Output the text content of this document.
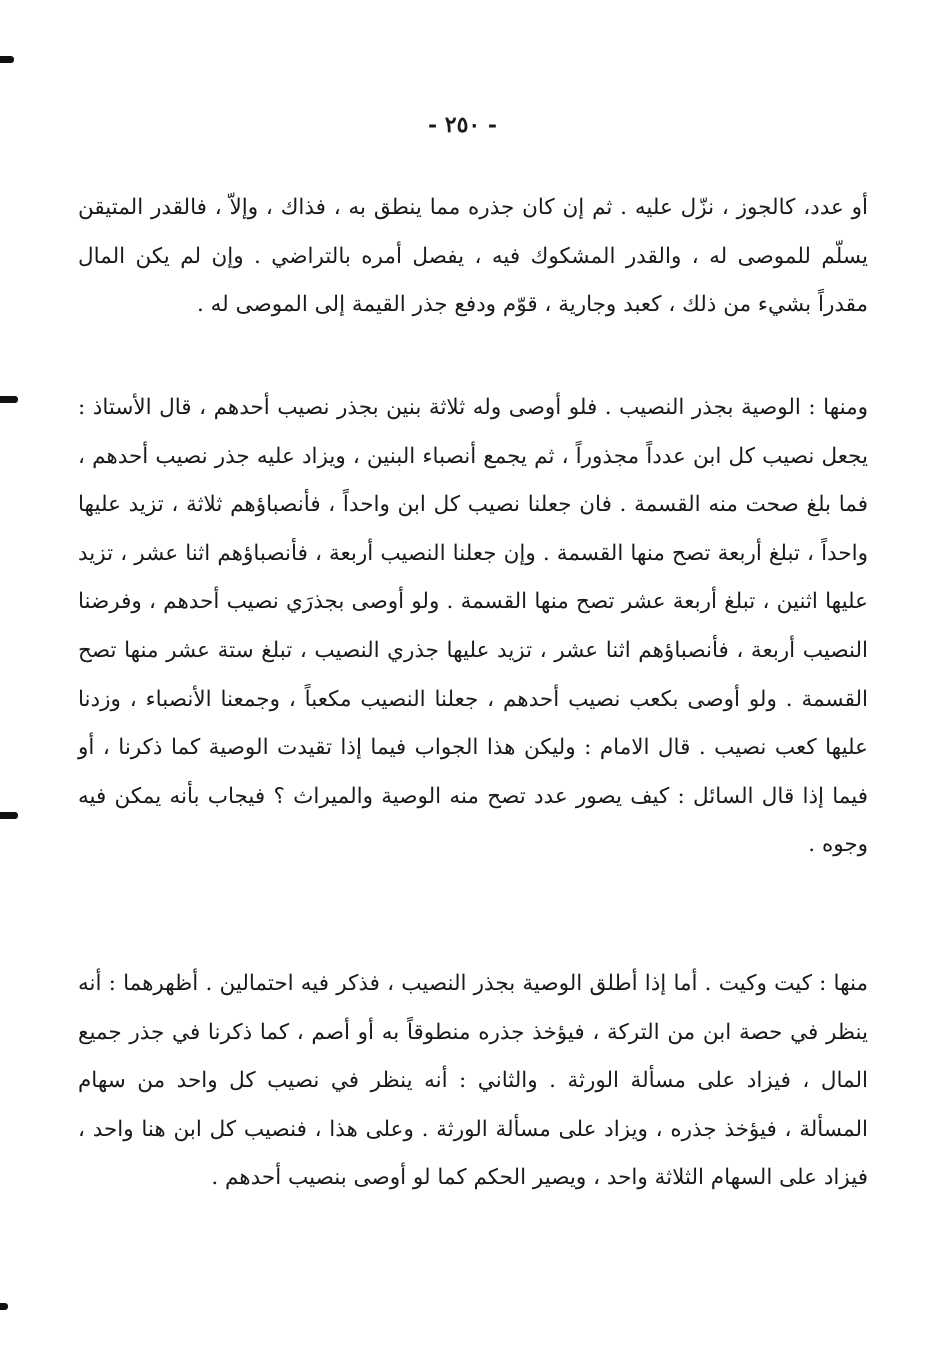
- ٢٥٠ -

أو عدد، كالجوز ، نزّل عليه . ثم إن كان جذره مما ينطق به ، فذاك ، وإلاّ ، فالقدر المتيقن يسلّم للموصى له ، والقدر المشكوك فيه ، يفصل أمره بالتراضي . وإن لم يكن المال مقدراً بشيء من ذلك ، كعبد وجارية ، قوّم ودفع جذر القيمة إلى الموصى له .

ومنها : الوصية بجذر النصيب . فلو أوصى وله ثلاثة بنين بجذر نصيب أحدهم ، قال الأستاذ : يجعل نصيب كل ابن عدداً مجذوراً ، ثم يجمع أنصباء البنين ، ويزاد عليه جذر نصيب أحدهم ، فما بلغ صحت منه القسمة . فان جعلنا نصيب كل ابن واحداً ، فأنصباؤهم ثلاثة ، تزيد عليها واحداً ، تبلغ أربعة تصح منها القسمة . وإن جعلنا النصيب أربعة ، فأنصباؤهم اثنا عشر ، تزيد عليها اثنين ، تبلغ أربعة عشر تصح منها القسمة . ولو أوصى بجذرَي نصيب أحدهم ، وفرضنا النصيب أربعة ، فأنصباؤهم اثنا عشر ، تزيد عليها جذري النصيب ، تبلغ ستة عشر منها تصح القسمة . ولو أوصى بكعب نصيب أحدهم ، جعلنا النصيب مكعباً ، وجمعنا الأنصباء ، وزدنا عليها كعب نصيب . قال الامام : وليكن هذا الجواب فيما إذا تقيدت الوصية كما ذكرنا ، أو فيما إذا قال السائل : كيف يصور عدد تصح منه الوصية والميراث ؟ فيجاب بأنه يمكن فيه وجوه .

منها : كيت وكيت . أما إذا أطلق الوصية بجذر النصيب ، فذكر فيه احتمالين . أظهرهما : أنه ينظر في حصة ابن من التركة ، فيؤخذ جذره منطوقاً به أو أصم ، كما ذكرنا في جذر جميع المال ، فيزاد على مسألة الورثة . والثاني : أنه ينظر في نصيب كل واحد من سهام المسألة ، فيؤخذ جذره ، ويزاد على مسألة الورثة . وعلى هذا ، فنصيب كل ابن هنا واحد ، فيزاد على السهام الثلاثة واحد ، ويصير الحكم كما لو أوصى بنصيب أحدهم .
